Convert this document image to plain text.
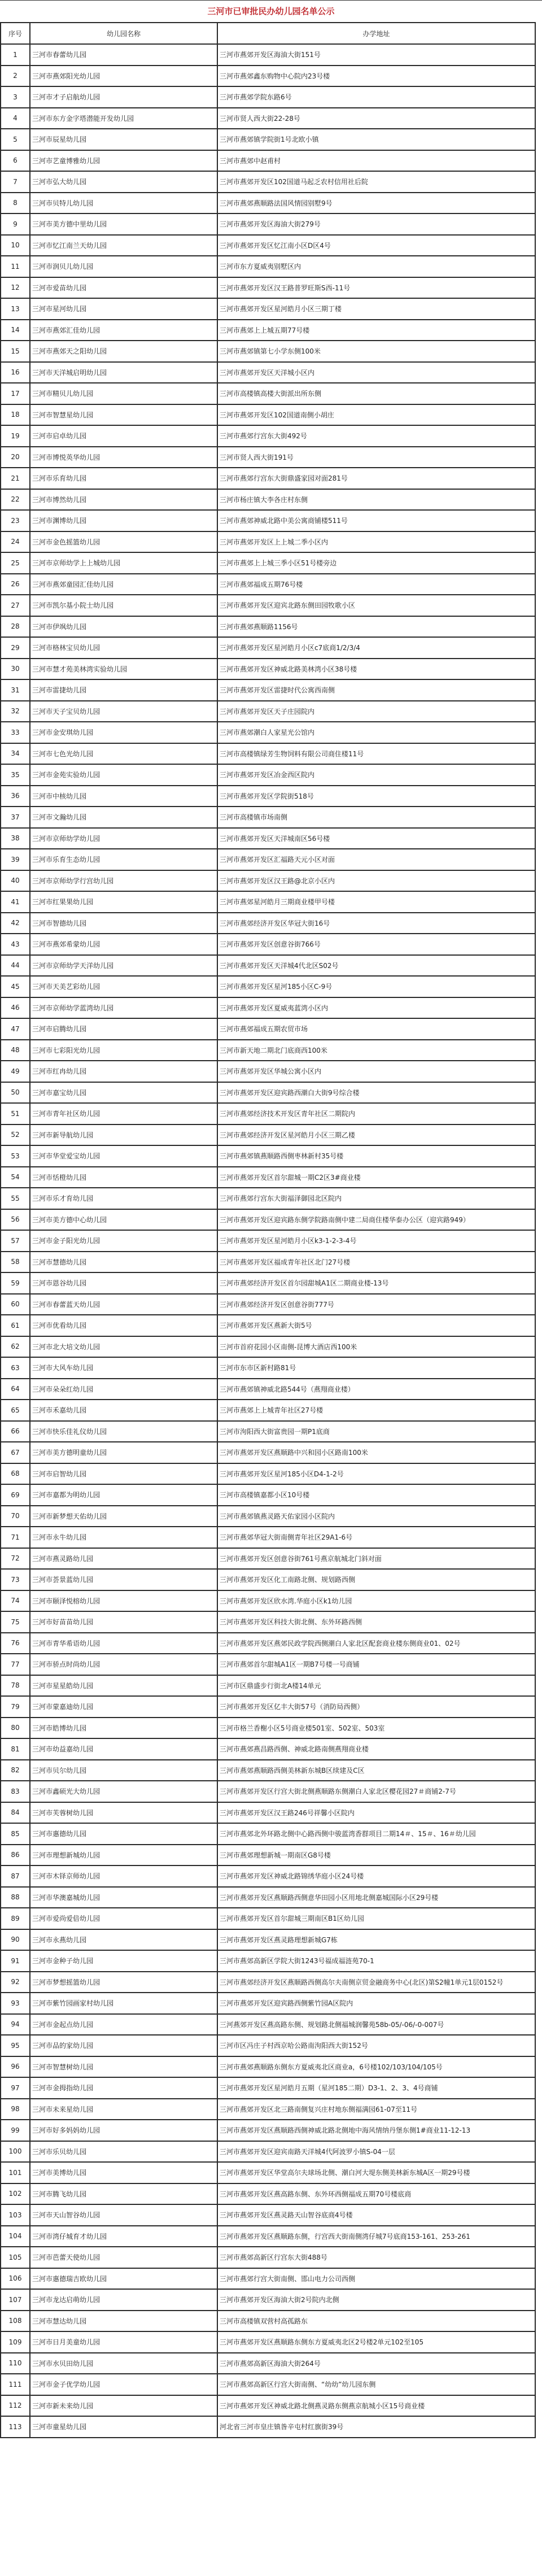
三河市已审批民办幼儿园名单公示
序号	幼儿园名称	办学地址
1	三河市春蕾幼儿园	三河市燕郊开发区海油大街151号
2	三河市燕郊阳光幼儿园	三河市燕郊鑫东购物中心院内23号楼
3	三河市才子启航幼儿园	三河市燕郊学院东路6号
4	三河市东方金字塔潜能开发幼儿园	三河市贤人西大街22-28号
5	三河市辰星幼儿园	三河市燕郊镇学院街1号北欧小镇
6	三河市艺童博雅幼儿园	三河市燕郊中赵甫村
7	三河市弘大幼儿园	三河市燕郊开发区102国道马起乏农村信用社后院
8	三河市贝特儿幼儿园	三河市燕郊燕顺路法国风情园别墅9号
9	三河市美方德中里幼儿园	三河市燕郊开发区海油大街279号
10	三河市忆江南兰天幼儿园	三河市燕郊开发区忆江南小区D区4号
11	三河市润贝儿幼儿园	三河市东方夏威夷别墅区内
12	三河市爱苗幼儿园	三河市燕郊开发区汉王路普罗旺斯S西-11号
13	三河市星河幼儿园	三河市燕郊开发区星河皓月小区三期丁楼
14	三河市燕郊汇佳幼儿园	三河市燕郊上上城五期77号楼
15	三河市燕郊天之阳幼儿园	三河市燕郊镇第七小学东侧100米
16	三河市天洋城启明幼儿园	三河市燕郊开发区天洋城小区内
17	三河市精贝儿幼儿园	三河市高楼镇高楼大街派出所东侧
18	三河市智慧星幼儿园	三河市燕郊开发区102国道南侧小胡庄
19	三河市启卓幼儿园	三河市燕郊行宫东大街492号
20	三河市博悦英华幼儿园	三河市贤人西大街191号
21	三河市乐育幼儿园	三河市燕郊行宫东大街鼎盛家园对面281号
22	三河市博然幼儿园	三河市杨庄镇大李各庄村东侧
23	三河市渊博幼儿园	三河市燕郊神威北路中美公寓商铺楼511号
24	三河市金色摇篮幼儿园	三河市燕郊开发区上上城二季小区内
25	三河市京师幼学上上城幼儿园	三河市燕郊上上城三季小区51号楼旁边
26	三河市燕郊童园汇佳幼儿园	三河市燕郊福成五期76号楼
27	三河市凯尔基小院士幼儿园	三河市燕郊开发区迎宾北路东侧田园牧歌小区
28	三河市伊飒幼儿园	三河市燕郊燕顺路1156号
29	三河市格林宝贝幼儿园	三河市燕郊开发区星河皓月小区c7底商1/2/3/4
30	三河市慧才苑美林湾实验幼儿园	三河市燕郊开发区神威北路美林湾小区38号楼
31	三河市雷捷幼儿园	三河市燕郊开发区雷捷时代公寓西南侧
32	三河市天子宝贝幼儿园	三河市燕郊开发区天子庄园院内
33	三河市金安琪幼儿园	三河市燕郊潮白人家星光公馆内
34	三河市七色光幼儿园	三河市高楼镇绿芳生物饲料有限公司商住楼11号
35	三河市金苑实验幼儿园	三河市燕郊开发区冶金西区院内
36	三河市中核幼儿园	三河市燕郊开发区学院街518号
37	三河市文瀚幼儿园	三河市高楼镇市场南侧
38	三河市京师幼学幼儿园	三河市燕郊开发区天洋城南区56号楼
39	三河市乐育生态幼儿园	三河市燕郊开发区汇福路天元小区对面
40	三河市京师幼学行宫幼儿园	三河市燕郊开发区汉王路@北京小区内
41	三河市红果果幼儿园	三河市燕郊星河皓月三期商业楼甲号楼
42	三河市智德幼儿园	三河市燕郊经济开发区华冠大街16号
43	三河市燕郊希蒙幼儿园	三河市燕郊开发区创意谷街766号
44	三河市京师幼学天洋幼儿园	三河市燕郊开发区天洋城4代北区S02号
45	三河市天美艺彩幼儿园	三河市燕郊开发区星河185小区C-9号
46	三河市京师幼学蓝湾幼儿园	三河市燕郊开发区夏威夷蓝湾小区内
47	三河市启腾幼儿园	三河市燕郊福成五期农贸市场
48	三河市七彩阳光幼儿园	三河市新天地二期北门底商西100米
49	三河市红冉幼儿园	三河市燕郊开发区华城公寓小区内
50	三河市嘉宝幼儿园	三河市燕郊开发区迎宾路西潮白大街9号综合楼
51	三河市青年社区幼儿园	三河市燕郊经济技术开发区青年社区二期院内
52	三河市新导航幼儿园	三河市燕郊经济开发区星河皓月小区三期乙楼
53	三河市华堂爱宝幼儿园	三河市燕郊镇燕顺路西侧枣林新村35号楼
54	三河市恬橙幼儿园	三河市燕郊开发区首尔甜城一期C2区3#商业楼
55	三河市乐才育幼儿园	三河市燕郊行宫东大街福泽御园北区院内
56	三河市美方德中心幼儿园	三河市燕郊开发区迎宾路东侧学院路南侧中建二局商住楼华泰办公区（迎宾路949）
57	三河市金子阳光幼儿园	三河市燕郊开发区星河皓月小区k3-1-2-3-4号
58	三河市慧德幼儿园	三河市燕郊开发区福成青年社区北门27号楼
59	三河市恩谷幼儿园	三河市燕郊经济开发区首尔园甜城A1区二期商业楼-13号
60	三河市春蕾蓝天幼儿园	三河市燕郊经济开发区创意谷街777号
61	三河市优看幼儿园	三河市燕郊开发区燕新大街5号
62	三河市北大培文幼儿园	三河市首府花园小区南侧-昆博大酒店西100米
63	三河市大风车幼儿园	三河市东市区新村路81号
64	三河市朵朵红幼儿园	三河市燕郊镇神威北路544号（燕翔商业楼）
65	三河市禾嘉幼儿园	三河市燕郊上上城青年社区27号楼
66	三河市快乐佳礼仪幼儿园	三河市泃阳西大街富贵园一期P1底商
67	三河市美方德明童幼儿园	三河市燕郊开发区燕顺路中兴和园小区路南100米
68	三河市启智幼儿园	三河市燕郊开发区星河185小区D4-1-2号
69	三河市嘉都为明幼儿园	三河市高楼镇嘉都小区10号楼
70	三河市新梦想天佑幼儿园	三河市燕郊镇燕灵路天佑家园小区院内
71	三河市永牛幼儿园	三河市燕郊华冠大街南侧青年社区29A1-6号
72	三河市燕灵路幼儿园	三河市燕郊开发区创意谷街761号燕京航城北门斜对面
73	三河市荟景蓝幼儿园	三河市燕郊开发区化工南路北侧、规划路西侧
74	三河市颐泽悦榕幼儿园	三河市燕郊开发区欣水湾.华庭小区k1幼儿园
75	三河市好苗苗幼儿园	三河市燕郊开发区科技大街北侧、东外环路西侧
76	三河市青华希语幼儿园	三河市燕郊开发区燕郊民政学院西侧潮白人家北区配套商业楼东侧商业01、02号
77	三河市骄点时尚幼儿园	三河市燕郊首尔甜城A1区一期B7号楼一号商铺
78	三河市星星皓幼儿园	三河市区鼎盛步行街北A楼14单元
79	三河市蒙嘉迪幼儿园	三河市燕郊开发区亿丰大街57号（消防局西侧）
80	三河市皓博幼儿园	三河市格兰香榭小区5号商业楼501室、502室、503室
81	三河市幼益嘉幼儿园	三河市燕郊燕昌路西侧、神威北路南侧燕翔商业楼
82	三河市贝尔幼儿园	三河市燕郊燕顺路西侧美林新东城B区续建及C区
83	三河市鑫硕光大幼儿园	三河市燕郊开发区行宫大街北侧燕顺路东侧潮白人家北区樱花园27＃商铺2-7号
84	三河市芙蓉树幼儿园	三河市燕郊开发区汉王路246号祥馨小区院内
85	三河市惠德幼儿园	三河市燕郊北外环路北侧中心路西侧中骏蓝湾香群项目二期14＃、15＃、16＃幼儿园
86	三河市理想新城幼儿园	三河市燕郊理想新城一期南区G8号楼
87	三河市木铎京师幼儿园	三河市燕郊开发区神威北路锦绣华庭小区24号楼
88	三河市华澳嘉城幼儿园	三河市燕郊开发区燕顺路西侧意华田园小区用地北侧嘉城国际小区29号楼
89	三河市爱尚爱倍幼儿园	三河市燕郊开发区首尔甜城三期南区B1区幼儿园
90	三河市永燕幼儿园	三河市燕郊开发区燕灵路理想新城G7栋
91	三河市金种子幼儿园	三河市燕郊高新区学院大街1243号福成福涟苑70-1
92	三河市梦想摇篮幼儿园	三河市燕郊经济开发区燕顺路西侧高尔夫南侧京贸金融商务中心(北区)第S2幢1单元1层0152号
93	三河市紫竹园画家村幼儿园	三河市燕郊开发区迎宾路西侧紫竹园A区院内
94	三河市金起点幼儿园	三河燕郊开发区燕高路东侧、规划路北侧福城润馨苑58b-05/-06/-0-007号
95	三河市品的家幼儿园	三河市区冯庄子村西京哈公路南泃阳西大街152号
96	三河市智慧树幼儿园	三河市燕郊燕顺路东侧东方夏威夷北区商业a，6号楼102/103/104/105号
97	三河市金拇指幼儿园	三河市燕郊开发区星河皓月五期（星河185二期）D3-1、2、3、4号商铺
98	三河市未来星幼儿园	三河市燕郊开发区北三路南侧复兴庄村地东侧福满园61-07至11号
99	三河市好多妈妈幼儿园	三河市燕郊开发区燕顺路西侧神威北路北侧地中海风情纳丹堡东侧1#商业11-12-13
100	三河市乐贝幼儿园	三河市燕郊开发区迎宾南路天洋城4代阿波罗小镇S-04一层
101	三河市美博幼儿园	三河市燕郊开发区华堂高尔夫球场北侧、潮白河大堤东侧美林新东城A区一期29号楼
102	三河市腾飞幼儿园	三河市燕郊开发区燕高路东侧、东外环西侧福成五期70号楼底商
103	三河市天山智谷幼儿园	三河市燕郊开发区燕灵路天山智谷底商4号楼
104	三河市湾仔城育才幼儿园	三河市燕郊开发区燕顺路东侧，行宫西大街南侧湾仔城7号底商153-161、253-261
105	三河市芭蕾天使幼儿园	三河市燕郊高新区行宫东大街488号
106	三河市惠德瑞吉欧幼儿园	三河市燕郊行宫大街南侧、邯山电力公司西侧
107	三河市龙达启萌幼儿园	三河市燕郊开发区海油大街2号院内北侧
108	三河市慧达幼儿园	三河市高楼镇双营村高孤路东
109	三河市日月美童幼儿园	三河市燕郊开发区燕顺路东侧东方夏威夷北区2号楼2单元102至105
110	三河市水贝田幼儿园	三河市燕郊高新区海油大街264号
111	三河市金子优学幼儿园	三河市燕郊高新区行宫大街南侧、“幼幼”幼儿园东侧
112	三河市新未来幼儿园	三河市燕郊开发区神威北路北侧燕灵路东侧燕京航城小区15号商业楼
113	三河市童星幼儿园	河北省三河市皇庄镇昝辛屯村红旗街39号
